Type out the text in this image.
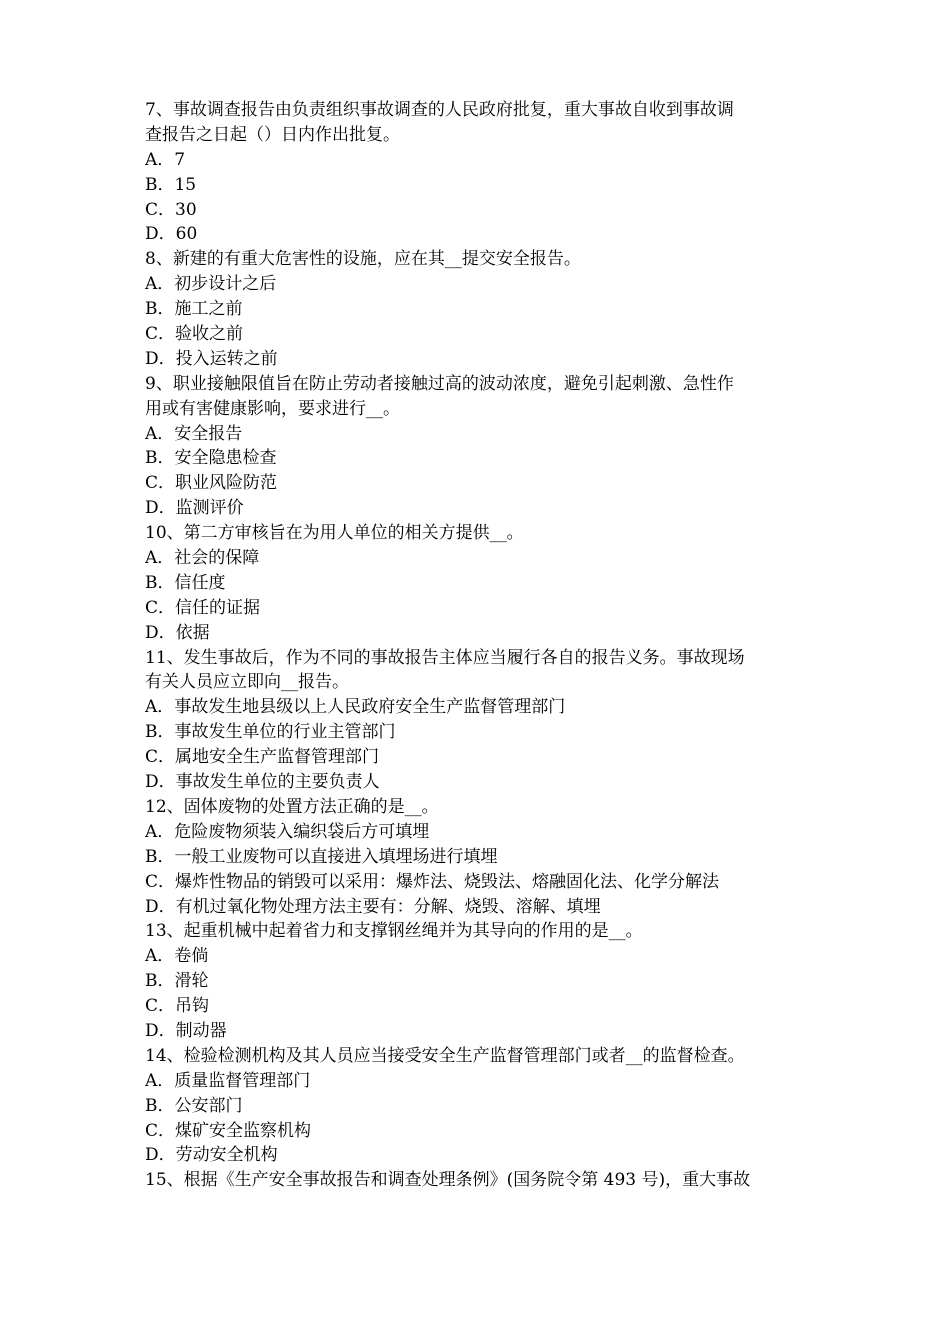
7、事故调查报告由负责组织事故调查的人民政府批复，重大事故自收到事故调
查报告之日起（）日内作出批复。
A．7
B．15
C．30
D．60
8、新建的有重大危害性的设施，应在其__提交安全报告。
A．初步设计之后
B．施工之前
C．验收之前
D．投入运转之前
9、职业接触限值旨在防止劳动者接触过高的波动浓度，避免引起刺激、急性作
用或有害健康影响，要求进行__。
A．安全报告
B．安全隐患检查
C．职业风险防范
D．监测评价
10、第二方审核旨在为用人单位的相关方提供__。
A．社会的保障
B．信任度
C．信任的证据
D．依据
11、发生事故后，作为不同的事故报告主体应当履行各自的报告义务。事故现场
有关人员应立即向__报告。
A．事故发生地县级以上人民政府安全生产监督管理部门
B．事故发生单位的行业主管部门
C．属地安全生产监督管理部门
D．事故发生单位的主要负责人
12、固体废物的处置方法正确的是__。
A．危险废物须装入编织袋后方可填埋
B．一般工业废物可以直接进入填埋场进行填埋
C．爆炸性物品的销毁可以采用：爆炸法、烧毁法、熔融固化法、化学分解法
D．有机过氧化物处理方法主要有：分解、烧毁、溶解、填埋
13、起重机械中起着省力和支撑钢丝绳并为其导向的作用的是__。
A．卷倘
B．滑轮
C．吊钩
D．制动器
14、检验检测机构及其人员应当接受安全生产监督管理部门或者__的监督检查。
A．质量监督管理部门
B．公安部门
C．煤矿安全监察机构
D．劳动安全机构
15、根据《生产安全事故报告和调查处理条例》(国务院令第 493 号)，重大事故
